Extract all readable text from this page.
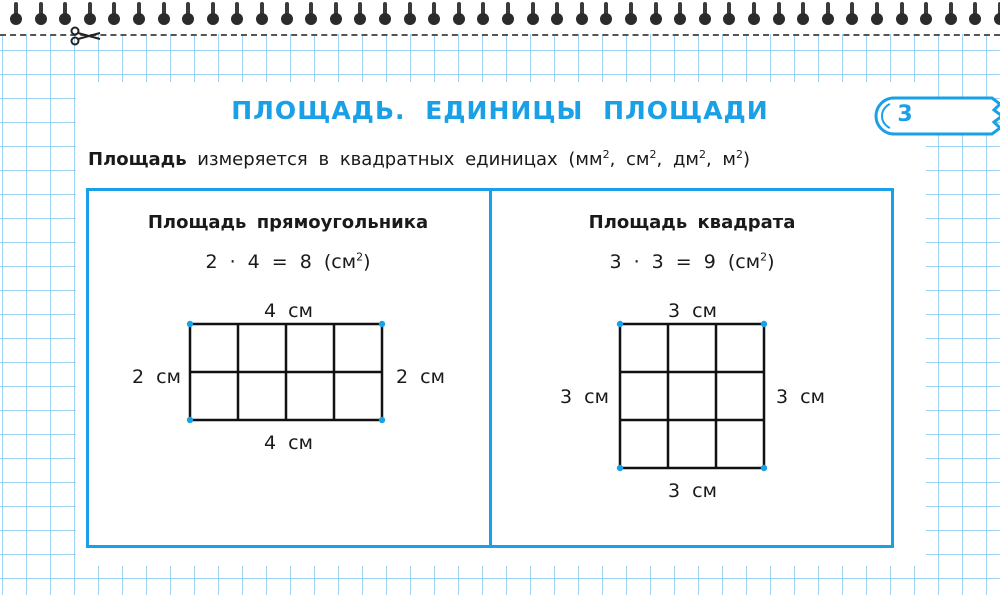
ПЛОЩАДЬ. ЕДИНИЦЫ ПЛОЩАДИ	3
Площадь измеряется в квадратных единицах ($мм^2$, $см^2$, $дм^2$, $м^2$)
Площадь прямоугольника
2 · 4 = 8 $(см^2)$
4 см
4 см
2 см	2 см
Площадь квадрата
3 · 3 = 9 $(см^2)$
3 см
3 см
3 см	3 см
